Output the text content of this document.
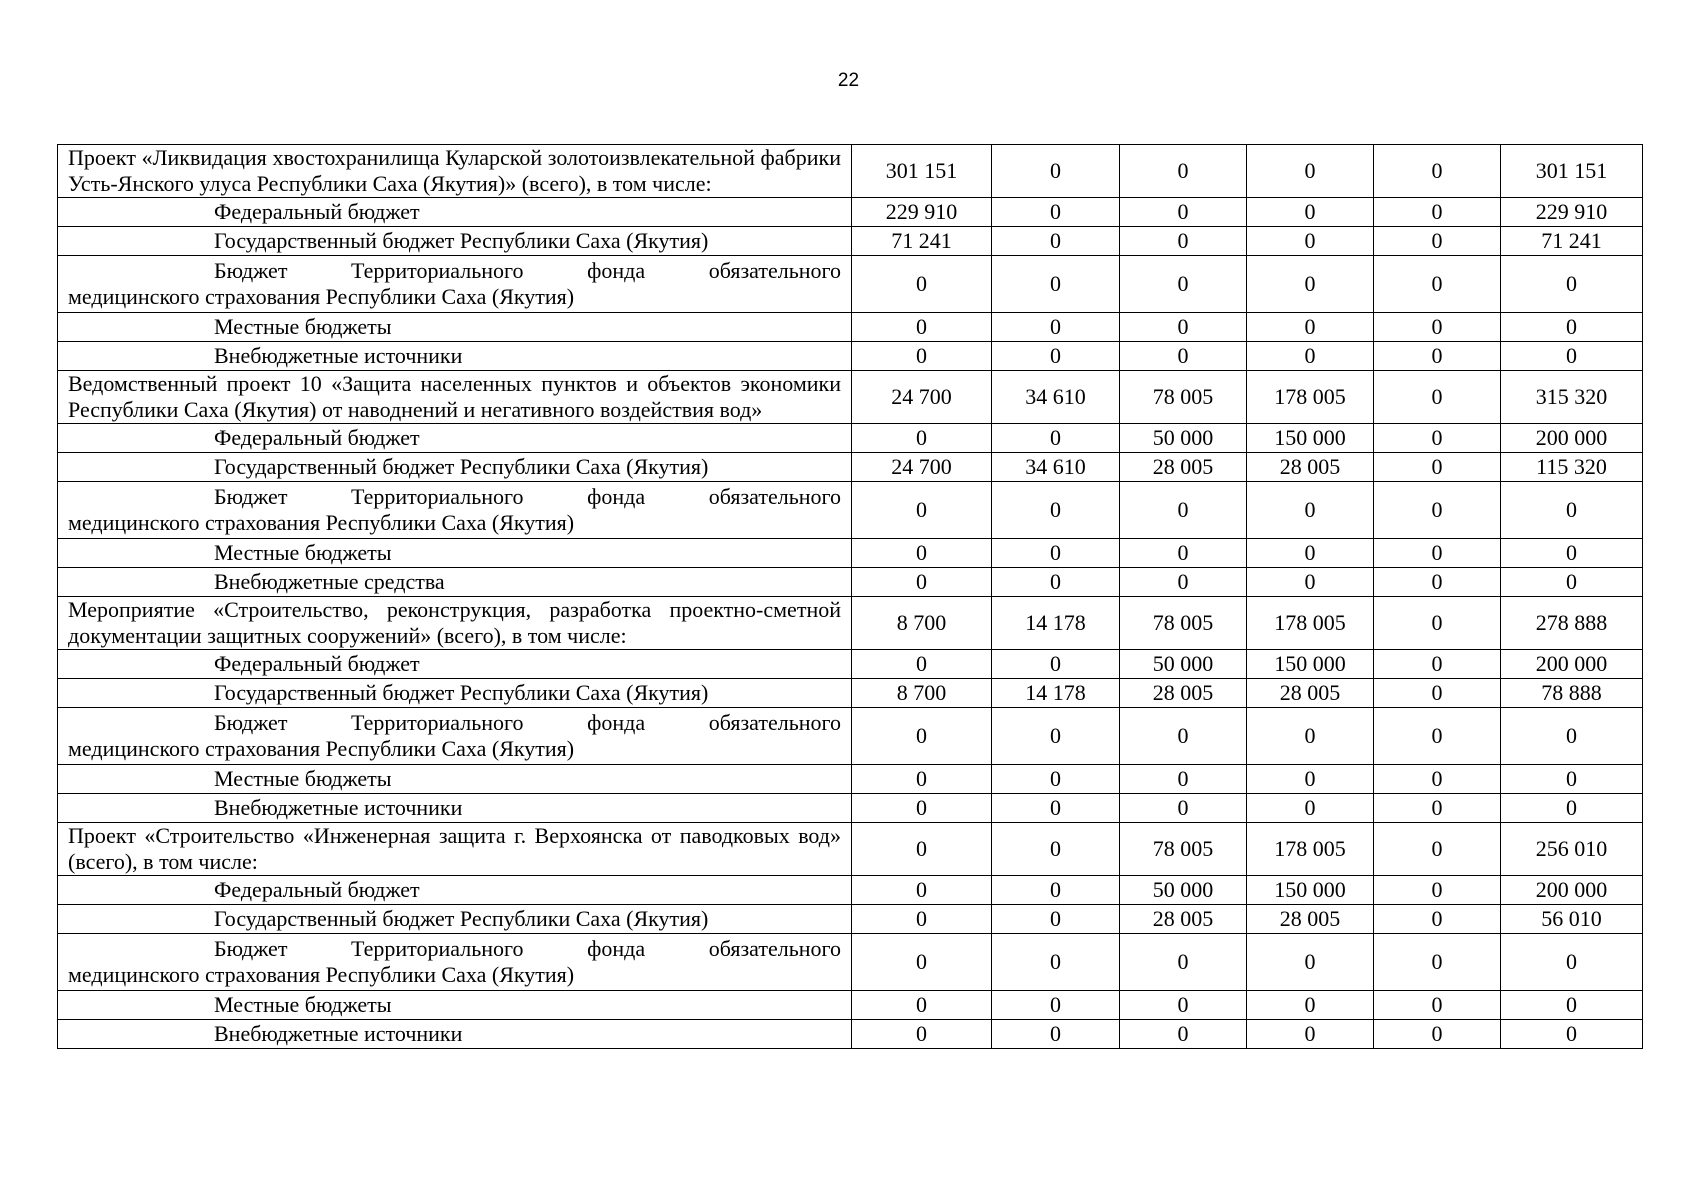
22
Проект «Ликвидация хвостохранилища Куларской золотоизвлекательной фабрики Усть-Янского улуса Республики Саха (Якутия)» (всего), в том числе:	301 151	0	0	0	0	301 151
Федеральный бюджет	229 910	0	0	0	0	229 910
Государственный бюджет Республики Саха (Якутия)	71 241	0	0	0	0	71 241

Бюджет Территориального фонда обязательного
медицинского страхования Республики Саха (Якутия)	0	0	0	0	0	0
Местные бюджеты	0	0	0	0	0	0
Внебюджетные источники	0	0	0	0	0	0
Ведомственный проект 10 «Защита населенных пунктов и объектов экономики Республики Саха (Якутия) от наводнений и негативного воздействия вод»	24 700	34 610	78 005	178 005	0	315 320
Федеральный бюджет	0	0	50 000	150 000	0	200 000
Государственный бюджет Республики Саха (Якутия)	24 700	34 610	28 005	28 005	0	115 320

Бюджет Территориального фонда обязательного
медицинского страхования Республики Саха (Якутия)	0	0	0	0	0	0
Местные бюджеты	0	0	0	0	0	0
Внебюджетные средства	0	0	0	0	0	0
Мероприятие «Строительство, реконструкция, разработка проектно-сметной документации защитных сооружений» (всего), в том числе:	8 700	14 178	78 005	178 005	0	278 888
Федеральный бюджет	0	0	50 000	150 000	0	200 000
Государственный бюджет Республики Саха (Якутия)	8 700	14 178	28 005	28 005	0	78 888

Бюджет Территориального фонда обязательного
медицинского страхования Республики Саха (Якутия)	0	0	0	0	0	0
Местные бюджеты	0	0	0	0	0	0
Внебюджетные источники	0	0	0	0	0	0
Проект «Строительство «Инженерная защита г. Верхоянска от паводковых вод» (всего), в том числе:	0	0	78 005	178 005	0	256 010
Федеральный бюджет	0	0	50 000	150 000	0	200 000
Государственный бюджет Республики Саха (Якутия)	0	0	28 005	28 005	0	56 010

Бюджет Территориального фонда обязательного
медицинского страхования Республики Саха (Якутия)	0	0	0	0	0	0
Местные бюджеты	0	0	0	0	0	0
Внебюджетные источники	0	0	0	0	0	0
